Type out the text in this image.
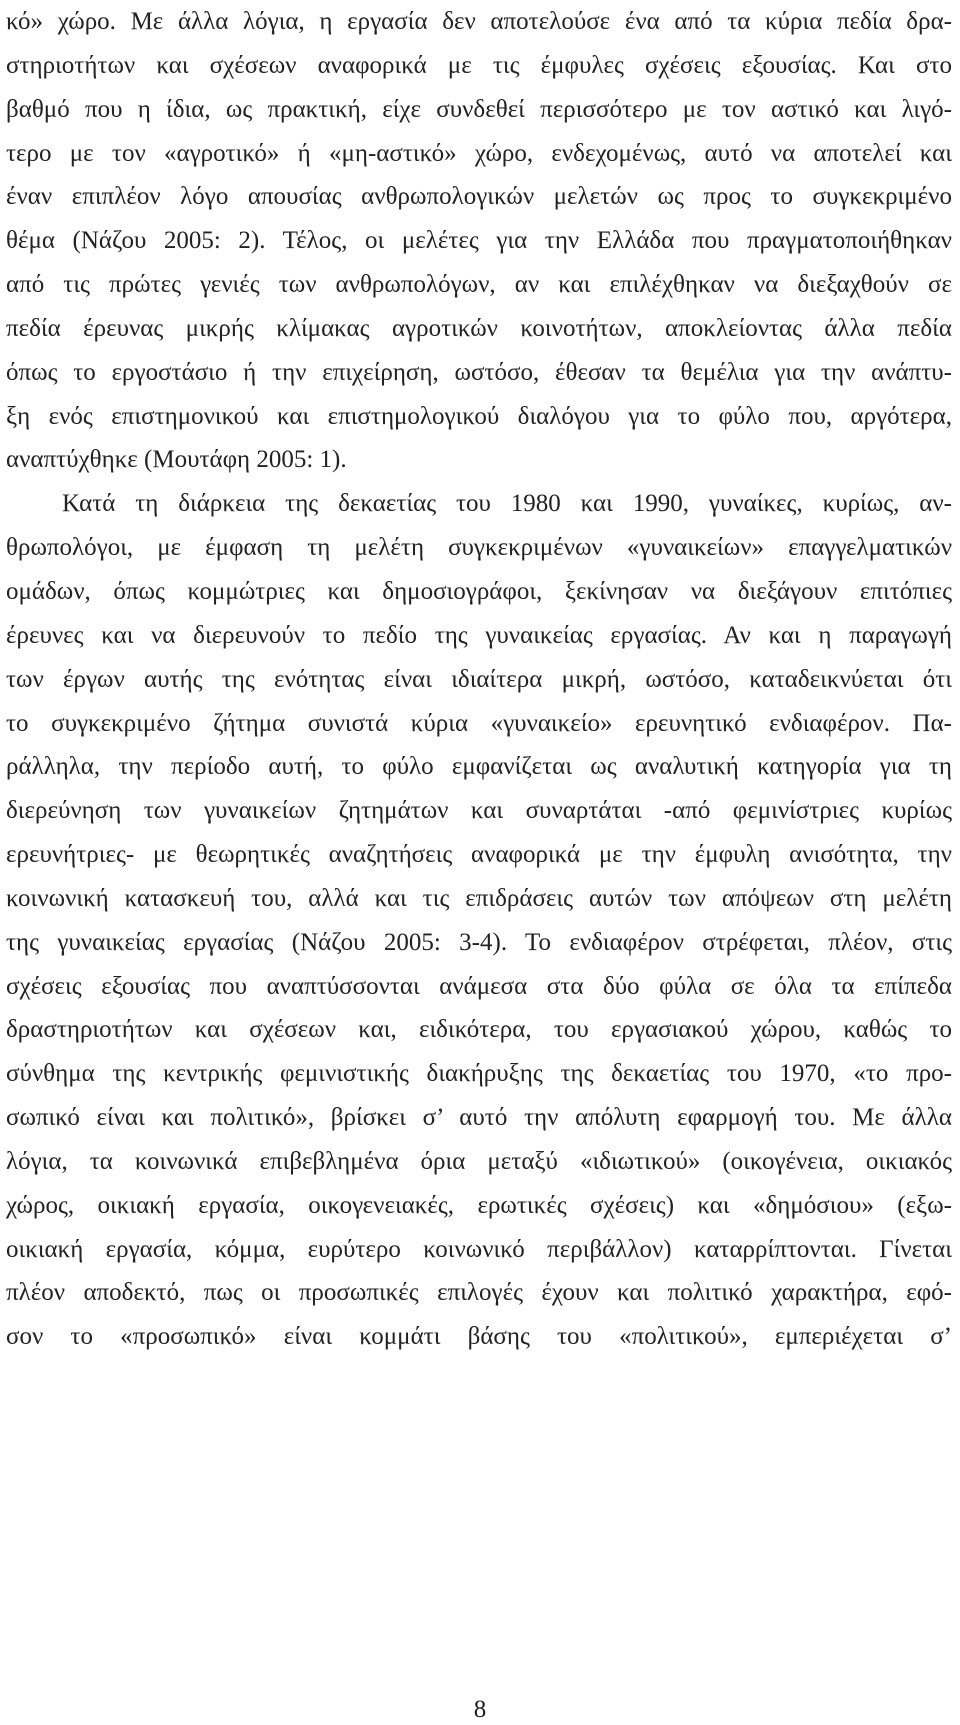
κό» χώρο. Με άλλα λόγια, η εργασία δεν αποτελούσε ένα από τα κύρια πεδία δρα-
στηριοτήτων και σχέσεων αναφορικά με τις έμφυλες σχέσεις εξουσίας. Και στο
βαθμό που η ίδια, ως πρακτική, είχε συνδεθεί περισσότερο με τον αστικό και λιγό-
τερο με τον «αγροτικό» ή «μη-αστικό» χώρο, ενδεχομένως, αυτό να αποτελεί και
έναν επιπλέον λόγο απουσίας ανθρωπολογικών μελετών ως προς το συγκεκριμένο
θέμα (Νάζου 2005: 2). Τέλος, οι μελέτες για την Ελλάδα που πραγματοποιήθηκαν
από τις πρώτες γενιές των ανθρωπολόγων, αν και επιλέχθηκαν να διεξαχθούν σε
πεδία έρευνας μικρής κλίμακας αγροτικών κοινοτήτων, αποκλείοντας άλλα πεδία
όπως το εργοστάσιο ή την επιχείρηση, ωστόσο, έθεσαν τα θεμέλια για την ανάπτυ-
ξη ενός επιστημονικού και επιστημολογικού διαλόγου για το φύλο που, αργότερα,
αναπτύχθηκε (Μουτάφη 2005: 1).
Κατά τη διάρκεια της δεκαετίας του 1980 και 1990, γυναίκες, κυρίως, αν-
θρωπολόγοι, με έμφαση τη μελέτη συγκεκριμένων «γυναικείων» επαγγελματικών
ομάδων, όπως κομμώτριες και δημοσιογράφοι, ξεκίνησαν να διεξάγουν επιτόπιες
έρευνες και να διερευνούν το πεδίο της γυναικείας εργασίας. Αν και η παραγωγή
των έργων αυτής της ενότητας είναι ιδιαίτερα μικρή, ωστόσο, καταδεικνύεται ότι
το συγκεκριμένο ζήτημα συνιστά κύρια «γυναικείο» ερευνητικό ενδιαφέρον. Πα-
ράλληλα, την περίοδο αυτή, το φύλο εμφανίζεται ως αναλυτική κατηγορία για τη
διερεύνηση των γυναικείων ζητημάτων και συναρτάται -από φεμινίστριες κυρίως
ερευνήτριες- με θεωρητικές αναζητήσεις αναφορικά με την έμφυλη ανισότητα, την
κοινωνική κατασκευή του, αλλά και τις επιδράσεις αυτών των απόψεων στη μελέτη
της γυναικείας εργασίας (Νάζου 2005: 3-4). Το ενδιαφέρον στρέφεται, πλέον, στις
σχέσεις εξουσίας που αναπτύσσονται ανάμεσα στα δύο φύλα σε όλα τα επίπεδα
δραστηριοτήτων και σχέσεων και, ειδικότερα, του εργασιακού χώρου, καθώς το
σύνθημα της κεντρικής φεμινιστικής διακήρυξης της δεκαετίας του 1970, «το προ-
σωπικό είναι και πολιτικό», βρίσκει σ’ αυτό την απόλυτη εφαρμογή του. Με άλλα
λόγια, τα κοινωνικά επιβεβλημένα όρια μεταξύ «ιδιωτικού» (οικογένεια, οικιακός
χώρος, οικιακή εργασία, οικογενειακές, ερωτικές σχέσεις) και «δημόσιου» (εξω-
οικιακή εργασία, κόμμα, ευρύτερο κοινωνικό περιβάλλον) καταρρίπτονται. Γίνεται
πλέον αποδεκτό, πως οι προσωπικές επιλογές έχουν και πολιτικό χαρακτήρα, εφό-
σον το «προσωπικό» είναι κομμάτι βάσης του «πολιτικού», εμπεριέχεται σ’
8
